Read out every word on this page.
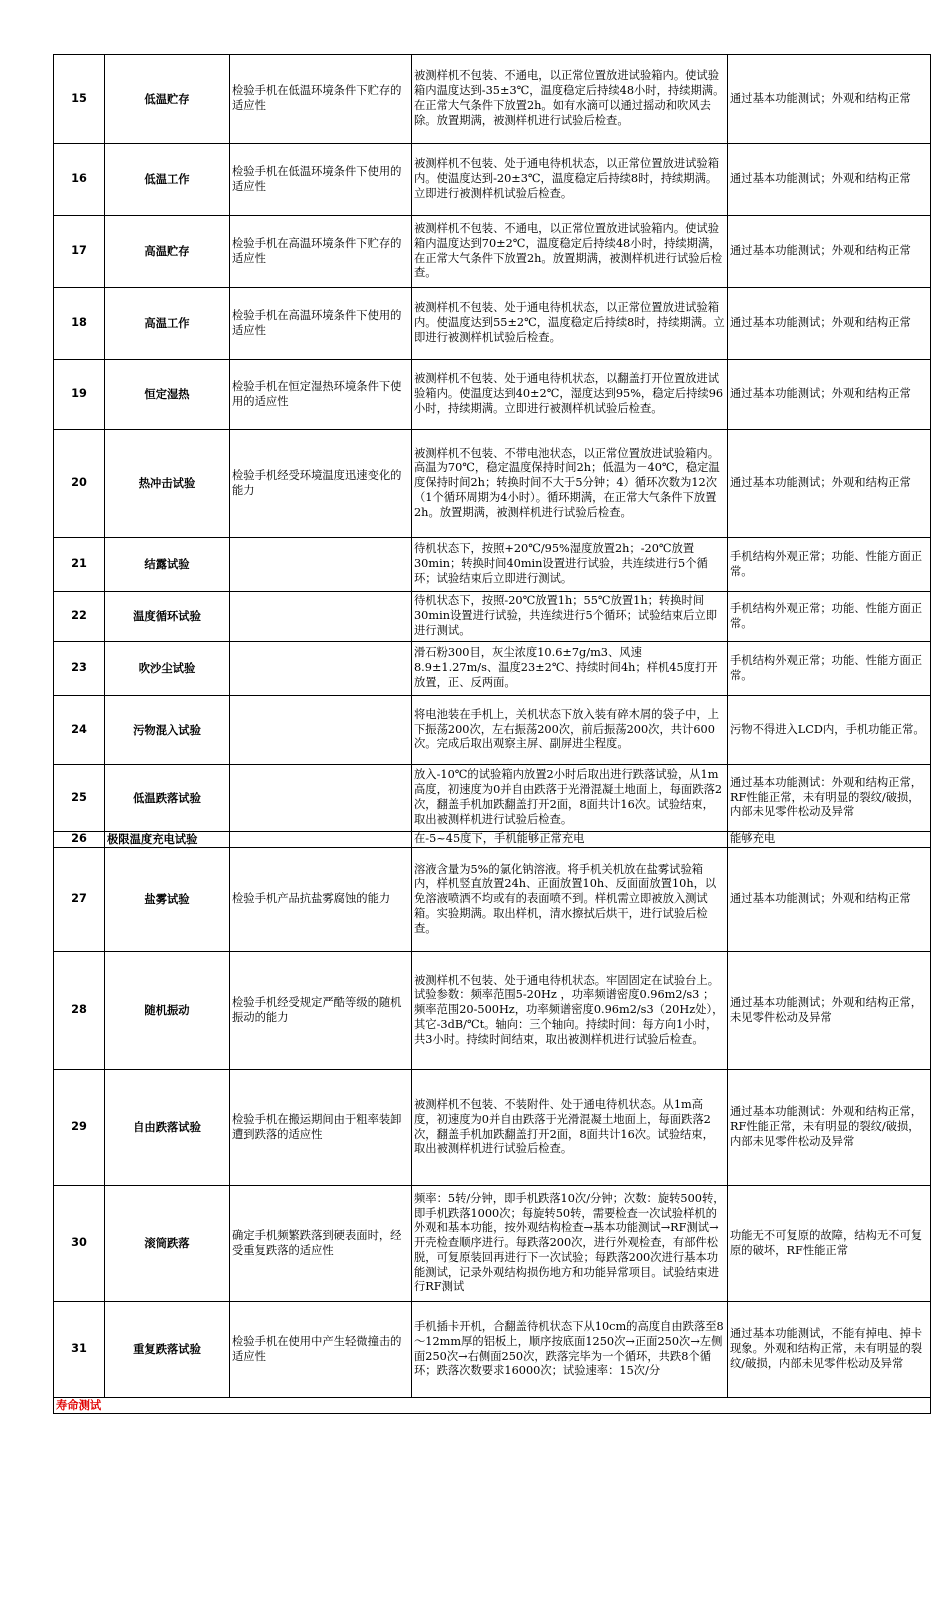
15	低温贮存	检验手机在低温环境条件下贮存的适应性	被测样机不包装、不通电，以正常位置放进试验箱内。使试验箱内温度达到-35±3℃，温度稳定后持续48小时，持续期满。在正常大气条件下放置2h。如有水滴可以通过摇动和吹风去除。放置期满，被测样机进行试验后检查。	通过基本功能测试；外观和结构正常
16	低温工作	检验手机在低温环境条件下使用的适应性	被测样机不包装、处于通电待机状态，以正常位置放进试验箱内。使温度达到-20±3℃，温度稳定后持续8时，持续期满。立即进行被测样机试验后检查。	通过基本功能测试；外观和结构正常
17	高温贮存	检验手机在高温环境条件下贮存的适应性	被测样机不包装、不通电，以正常位置放进试验箱内。使试验箱内温度达到70±2℃，温度稳定后持续48小时，持续期满，在正常大气条件下放置2h。放置期满，被测样机进行试验后检查。	通过基本功能测试；外观和结构正常
18	高温工作	检验手机在高温环境条件下使用的适应性	被测样机不包装、处于通电待机状态，以正常位置放进试验箱内。使温度达到55±2℃，温度稳定后持续8时，持续期满。立即进行被测样机试验后检查。	通过基本功能测试；外观和结构正常
19	恒定湿热	检验手机在恒定湿热环境条件下使用的适应性	被测样机不包装、处于通电待机状态，以翻盖打开位置放进试验箱内。使温度达到40±2℃，湿度达到95%，稳定后持续96小时，持续期满。立即进行被测样机试验后检查。	通过基本功能测试；外观和结构正常
20	热冲击试验	检验手机经受环境温度迅速变化的能力	被测样机不包装、不带电池状态，以正常位置放进试验箱内。高温为70℃，稳定温度保持时间2h；低温为－40℃，稳定温度保持时间2h；转换时间不大于5分钟；4）循环次数为12次（1个循环周期为4小时）。循环期满，在正常大气条件下放置2h。放置期满，被测样机进行试验后检查。	通过基本功能测试；外观和结构正常
21	结露试验		待机状态下，按照+20℃/95%湿度放置2h；-20℃放置30min；转换时间40min设置进行试验，共连续进行5个循环；试验结束后立即进行测试。	手机结构外观正常；功能、性能方面正常。
22	温度循环试验		待机状态下，按照-20℃放置1h；55℃放置1h；转换时间30min设置进行试验，共连续进行5个循环；试验结束后立即进行测试。	手机结构外观正常；功能、性能方面正常。
23	吹沙尘试验		滑石粉300目，灰尘浓度10.6±7g/m3、风速8.9±1.27m/s、温度23±2℃、持续时间4h；样机45度打开放置，正、反两面。	手机结构外观正常；功能、性能方面正常。
24	污物混入试验		将电池装在手机上，关机状态下放入装有碎木屑的袋子中，上下振荡200次，左右振荡200次，前后振荡200次，共计600次。完成后取出观察主屏、副屏进尘程度。	污物不得进入LCD内，手机功能正常。
25	低温跌落试验		放入-10℃的试验箱内放置2小时后取出进行跌落试验，从1m高度，初速度为0并自由跌落于光滑混凝土地面上，每面跌落2次，翻盖手机加跌翻盖打开2面，8面共计16次。试验结束，取出被测样机进行试验后检查。	通过基本功能测试：外观和结构正常，RF性能正常，未有明显的裂纹/破损，内部未见零件松动及异常
26	极限温度充电试验		在-5~45度下，手机能够正常充电	能够充电
27	盐雾试验	检验手机产品抗盐雾腐蚀的能力	溶液含量为5%的氯化钠溶液。将手机关机放在盐雾试验箱内，样机竖直放置24h、正面放置10h、反面面放置10h，以免溶液喷洒不均或有的表面喷不到。样机需立即被放入测试箱。实验期满。取出样机，清水擦拭后烘干，进行试验后检查。	通过基本功能测试；外观和结构正常
28	随机振动	检验手机经受规定严酷等级的随机振动的能力	被测样机不包装、处于通电待机状态。牢固固定在试验台上。试验参数：频率范围5-20Hz ，功率频谱密度0.96m2/s3 ；频率范围20-500Hz，功率频谱密度0.96m2/s3（20Hz处），其它-3dB/℃t。轴向：三个轴向。持续时间：每方向1小时，共3小时。持续时间结束，取出被测样机进行试验后检查。	通过基本功能测试；外观和结构正常，未见零件松动及异常
29	自由跌落试验	检验手机在搬运期间由于粗率装卸遭到跌落的适应性	被测样机不包装、不装附件、处于通电待机状态。从1m高度，初速度为0并自由跌落于光滑混凝土地面上，每面跌落2次，翻盖手机加跌翻盖打开2面，8面共计16次。试验结束，取出被测样机进行试验后检查。	通过基本功能测试：外观和结构正常，RF性能正常，未有明显的裂纹/破损，内部未见零件松动及异常
30	滚筒跌落	确定手机频繁跌落到硬表面时，经受重复跌落的适应性	频率：5转/分钟，即手机跌落10次/分钟；次数：旋转500转，即手机跌落1000次；每旋转50转，需要检查一次试验样机的外观和基本功能，按外观结构检查→基本功能测试→RF测试→开壳检查顺序进行。每跌落200次，进行外观检查，有部件松脱，可复原装回再进行下一次试验；每跌落200次进行基本功能测试，记录外观结构损伤地方和功能异常项目。试验结束进行RF测试	功能无不可复原的故障，结构无不可复原的破坏，RF性能正常
31	重复跌落试验	检验手机在使用中产生轻微撞击的适应性	手机插卡开机，合翻盖待机状态下从10cm的高度自由跌落至8～12mm厚的铝板上，顺序按底面1250次→正面250次→左侧面250次→右侧面250次，跌落完毕为一个循环，共跌8个循环；跌落次数要求16000次；试验速率：15次/分	通过基本功能测试，不能有掉电、掉卡现象。外观和结构正常，未有明显的裂纹/破损，内部未见零件松动及异常
寿命测试				
